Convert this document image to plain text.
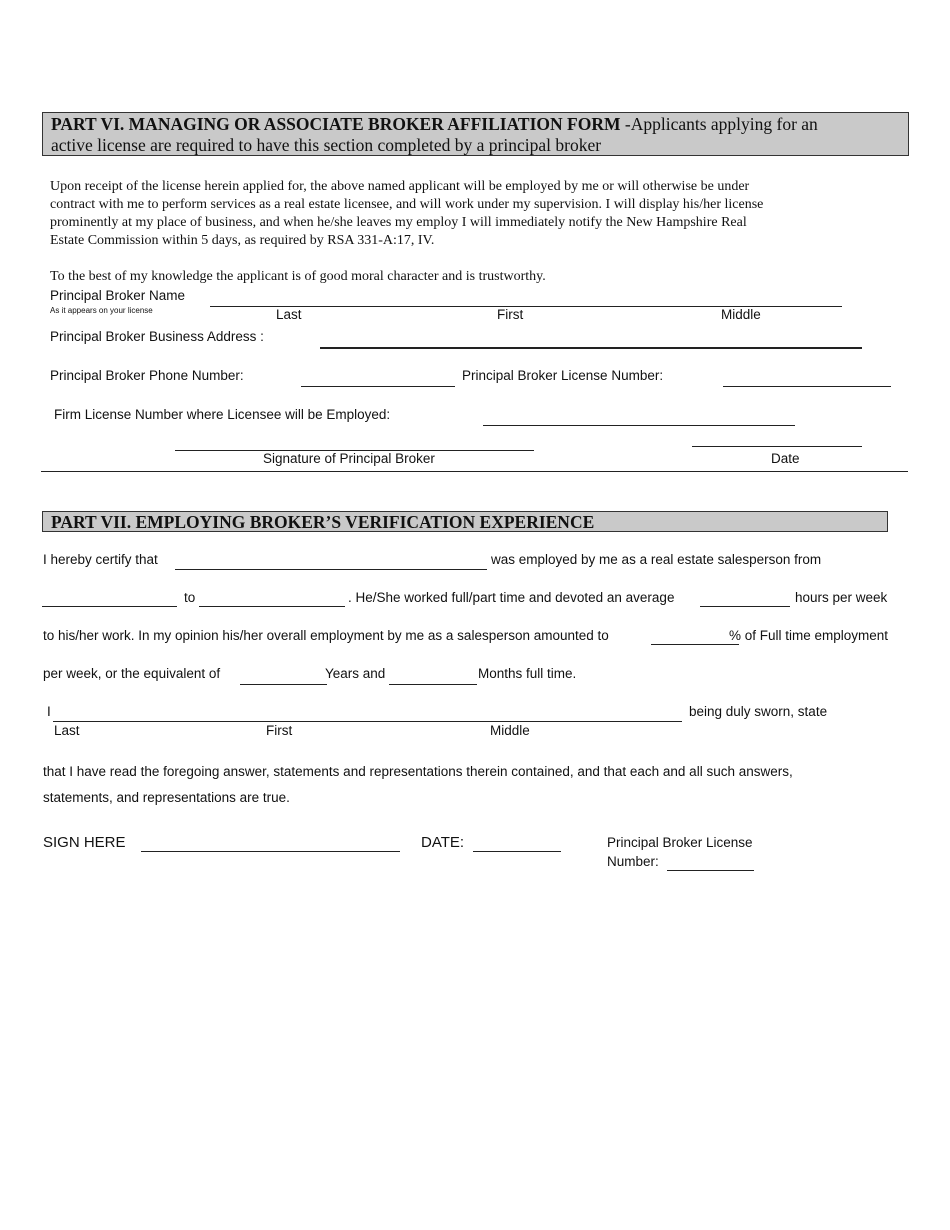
PART VI. MANAGING OR ASSOCIATE BROKER AFFILIATION FORM -Applicants applying for an
active license are required to have this section completed by a principal broker
Upon receipt of the license herein applied for, the above named applicant will be employed by me or will otherwise be under
contract with me to perform services as a real estate licensee, and will work under my supervision. I will display his/her license
prominently at my place of business, and when he/she leaves my employ I will immediately notify the New Hampshire Real
Estate Commission within 5 days, as required by RSA 331-A:17, IV.
To the best of my knowledge the applicant is of good moral character and is trustworthy.
Principal Broker Name
As it appears on your license	Last	First	Middle
Principal Broker Business Address :
Principal Broker Phone Number:	Principal Broker License Number:
Firm License Number where Licensee will be Employed:
Signature of Principal Broker	Date
PART VII. EMPLOYING BROKER’S VERIFICATION EXPERIENCE
I hereby certify that	was employed by me as a real estate salesperson from
to	. He/She worked full/part time and devoted an average	hours per week
to his/her work. In my opinion his/her overall employment by me as a salesperson amounted to	% of Full time employment
per week, or the equivalent of	Years and	Months full time.
I	being duly sworn, state
Last	First	Middle
that I have read the foregoing answer, statements and representations therein contained, and that each and all such answers,
statements, and representations are true.
SIGN HERE	DATE:	Principal Broker License
Number:
